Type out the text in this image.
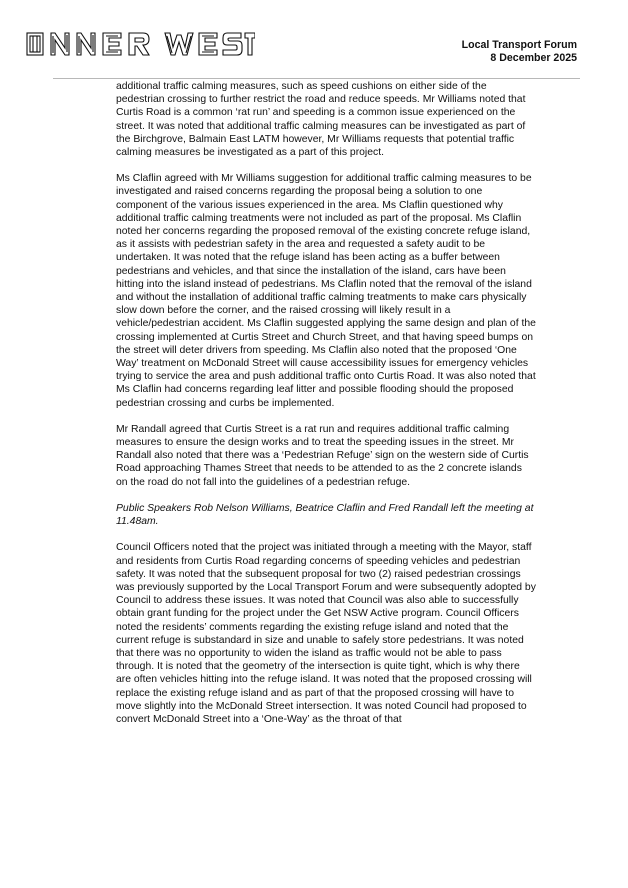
Local Transport Forum
8 December 2025

additional traffic calming measures, such as speed cushions on either side of the pedestrian crossing to further restrict the road and reduce speeds. Mr Williams noted that Curtis Road is a common ‘rat run’ and speeding is a common issue experienced on the street. It was noted that additional traffic calming measures can be investigated as part of the Birchgrove, Balmain East LATM however, Mr Williams requests that potential traffic calming measures be investigated as a part of this project.

Ms Claflin agreed with Mr Williams suggestion for additional traffic calming measures to be investigated and raised concerns regarding the proposal being a solution to one component of the various issues experienced in the area. Ms Claflin questioned why additional traffic calming treatments were not included as part of the proposal. Ms Claflin noted her concerns regarding the proposed removal of the existing concrete refuge island, as it assists with pedestrian safety in the area and requested a safety audit to be undertaken. It was noted that the refuge island has been acting as a buffer between pedestrians and vehicles, and that since the installation of the island, cars have been hitting into the island instead of pedestrians. Ms Claflin noted that the removal of the island and without the installation of additional traffic calming treatments to make cars physically slow down before the corner, and the raised crossing will likely result in a vehicle/pedestrian accident. Ms Claflin suggested applying the same design and plan of the crossing implemented at Curtis Street and Church Street, and that having speed bumps on the street will deter drivers from speeding. Ms Claflin also noted that the proposed ‘One Way’ treatment on McDonald Street will cause accessibility issues for emergency vehicles trying to service the area and push additional traffic onto Curtis Road. It was also noted that Ms Claflin had concerns regarding leaf litter and possible flooding should the proposed pedestrian crossing and curbs be implemented.

Mr Randall agreed that Curtis Street is a rat run and requires additional traffic calming measures to ensure the design works and to treat the speeding issues in the street. Mr Randall also noted that there was a ‘Pedestrian Refuge’ sign on the western side of Curtis Road approaching Thames Street that needs to be attended to as the 2 concrete islands on the road do not fall into the guidelines of a pedestrian refuge.

Public Speakers Rob Nelson Williams, Beatrice Claflin and Fred Randall left the meeting at 11.48am.

Council Officers noted that the project was initiated through a meeting with the Mayor, staff and residents from Curtis Road regarding concerns of speeding vehicles and pedestrian safety. It was noted that the subsequent proposal for two (2) raised pedestrian crossings was previously supported by the Local Transport Forum and were subsequently adopted by Council to address these issues. It was noted that Council was also able to successfully obtain grant funding for the project under the Get NSW Active program. Council Officers noted the residents’ comments regarding the existing refuge island and noted that the current refuge is substandard in size and unable to safely store pedestrians. It was noted that there was no opportunity to widen the island as traffic would not be able to pass through. It is noted that the geometry of the intersection is quite tight, which is why there are often vehicles hitting into the refuge island. It was noted that the proposed crossing will replace the existing refuge island and as part of that the proposed crossing will have to move slightly into the McDonald Street intersection. It was noted Council had proposed to convert McDonald Street into a ‘One-Way’ as the throat of that
